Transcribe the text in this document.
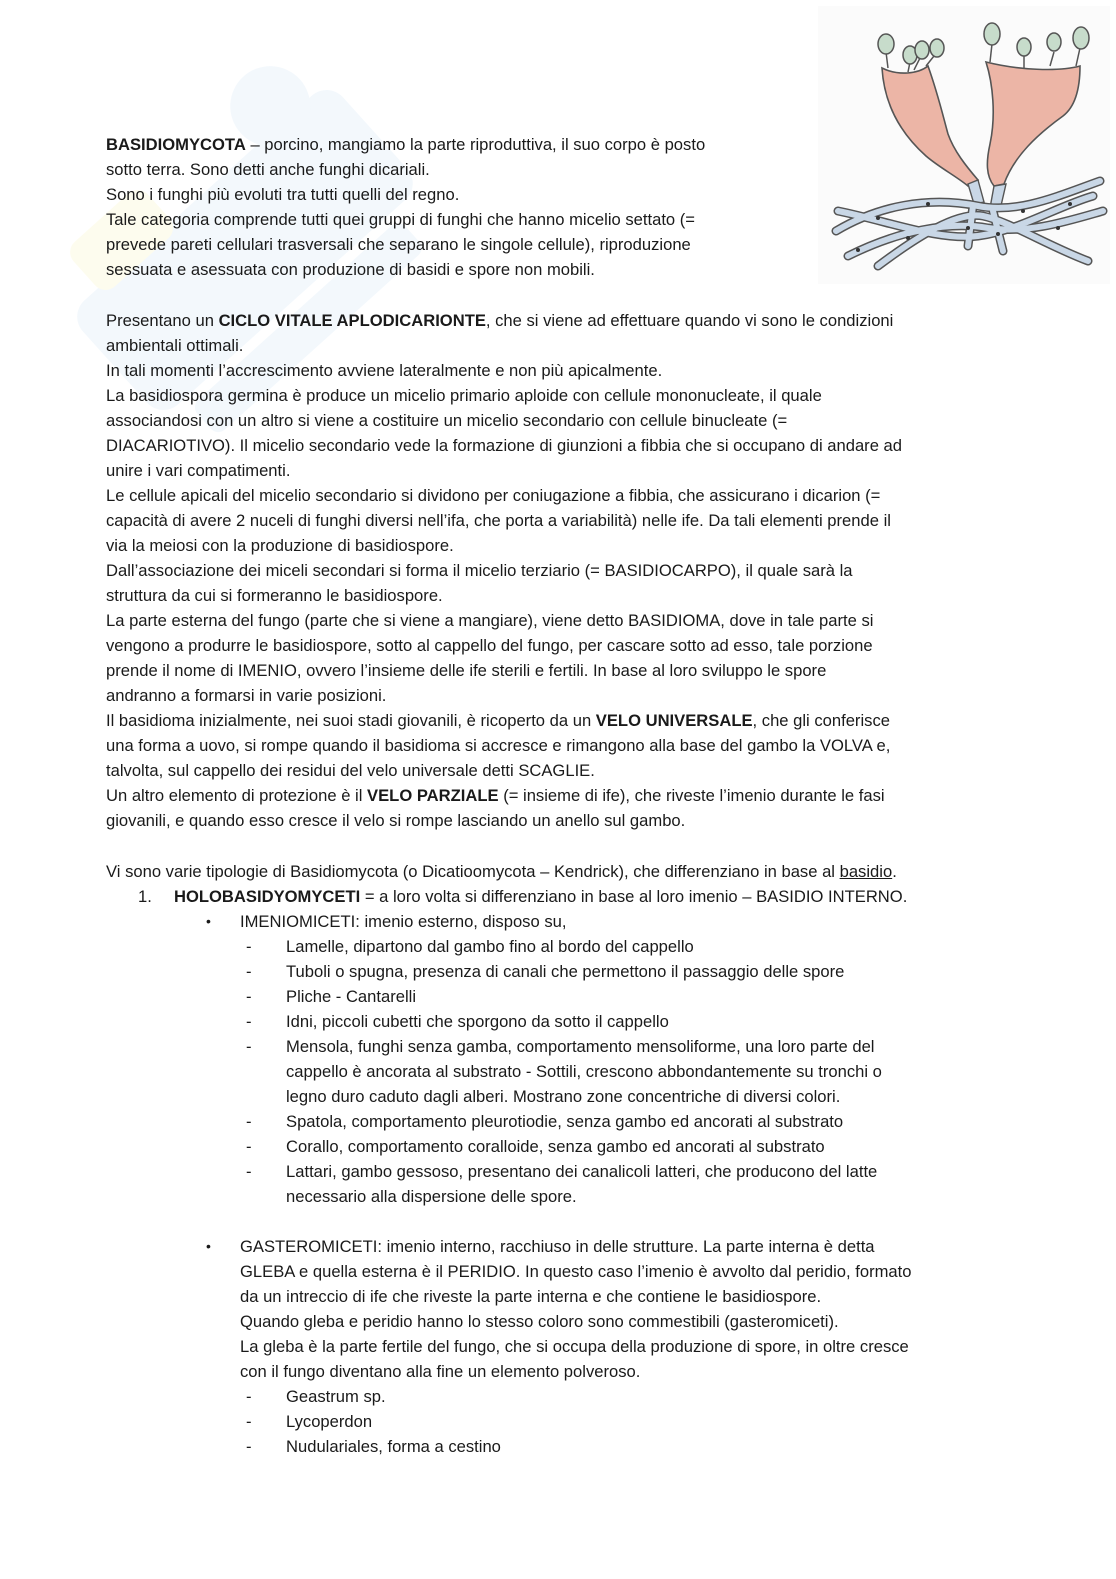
BASIDIOMYCOTA – porcino, mangiamo la parte riproduttiva, il suo corpo è posto

sotto terra. Sono detti anche funghi dicariali.

Sono i funghi più evoluti tra tutti quelli del regno.

Tale categoria comprende tutti quei gruppi di funghi che hanno micelio settato (=

prevede pareti cellulari trasversali che separano le singole cellule), riproduzione

sessuata e asessuata con produzione di basidi e spore non mobili.

Presentano un CICLO VITALE APLODICARIONTE, che si viene ad effettuare quando vi sono le condizioni

ambientali ottimali.

In tali momenti l’accrescimento avviene lateralmente e non più apicalmente.

La basidiospora germina è produce un micelio primario aploide con cellule mononucleate, il quale

associandosi con un altro si viene a costituire un micelio secondario con cellule binucleate (=

DIACARIOTIVO). Il micelio secondario vede la formazione di giunzioni a fibbia che si occupano di andare ad

unire i vari compatimenti.

Le cellule apicali del micelio secondario si dividono per coniugazione a fibbia, che assicurano i dicarion (=

capacità di avere 2 nuceli di funghi diversi nell’ifa, che porta a variabilità) nelle ife. Da tali elementi prende il

via la meiosi con la produzione di basidiospore.

Dall’associazione dei miceli secondari si forma il micelio terziario (= BASIDIOCARPO), il quale sarà la

struttura da cui si formeranno le basidiospore.

La parte esterna del fungo (parte che si viene a mangiare), viene detto BASIDIOMA, dove in tale parte si

vengono a produrre le basidiospore, sotto al cappello del fungo, per cascare sotto ad esso, tale porzione

prende il nome di IMENIO, ovvero l’insieme delle ife sterili e fertili. In base al loro sviluppo le spore

andranno a formarsi in varie posizioni.

Il basidioma inizialmente, nei suoi stadi giovanili, è ricoperto da un VELO UNIVERSALE, che gli conferisce

una forma a uovo, si rompe quando il basidioma si accresce e rimangono alla base del gambo la VOLVA e,

talvolta, sul cappello dei residui del velo universale detti SCAGLIE.

Un altro elemento di protezione è il VELO PARZIALE (= insieme di ife), che riveste l’imenio durante le fasi

giovanili, e quando esso cresce il velo si rompe lasciando un anello sul gambo.

Vi sono varie tipologie di Basidiomycota (o Dicatioomycota – Kendrick), che differenziano in base al basidio.

1. HOLOBASIDYOMYCETI = a loro volta si differenziano in base al loro imenio – BASIDIO INTERNO.
• IMENIOMICETI: imenio esterno, disposo su,
- Lamelle, dipartono dal gambo fino al bordo del cappello
- Tuboli o spugna, presenza di canali che permettono il passaggio delle spore
- Pliche - Cantarelli
- Idni, piccoli cubetti che sporgono da sotto il cappello
- Mensola, funghi senza gamba, comportamento mensoliforme, una loro parte del
cappello è ancorata al substrato - Sottili, crescono abbondantemente su tronchi o
legno duro caduto dagli alberi. Mostrano zone concentriche di diversi colori.
- Spatola, comportamento pleurotiodie, senza gambo ed ancorati al substrato
- Corallo, comportamento coralloide, senza gambo ed ancorati al substrato
- Lattari, gambo gessoso, presentano dei canalicoli latteri, che producono del latte
necessario alla dispersione delle spore.
• GASTEROMICETI: imenio interno, racchiuso in delle strutture. La parte interna è detta
GLEBA e quella esterna è il PERIDIO. In questo caso l’imenio è avvolto dal peridio, formato
da un intreccio di ife che riveste la parte interna e che contiene le basidiospore.
Quando gleba e peridio hanno lo stesso coloro sono commestibili (gasteromiceti).
La gleba è la parte fertile del fungo, che si occupa della produzione di spore, in oltre cresce
con il fungo diventano alla fine un elemento polveroso.
- Geastrum sp.
- Lycoperdon
- Nudulariales, forma a cestino
